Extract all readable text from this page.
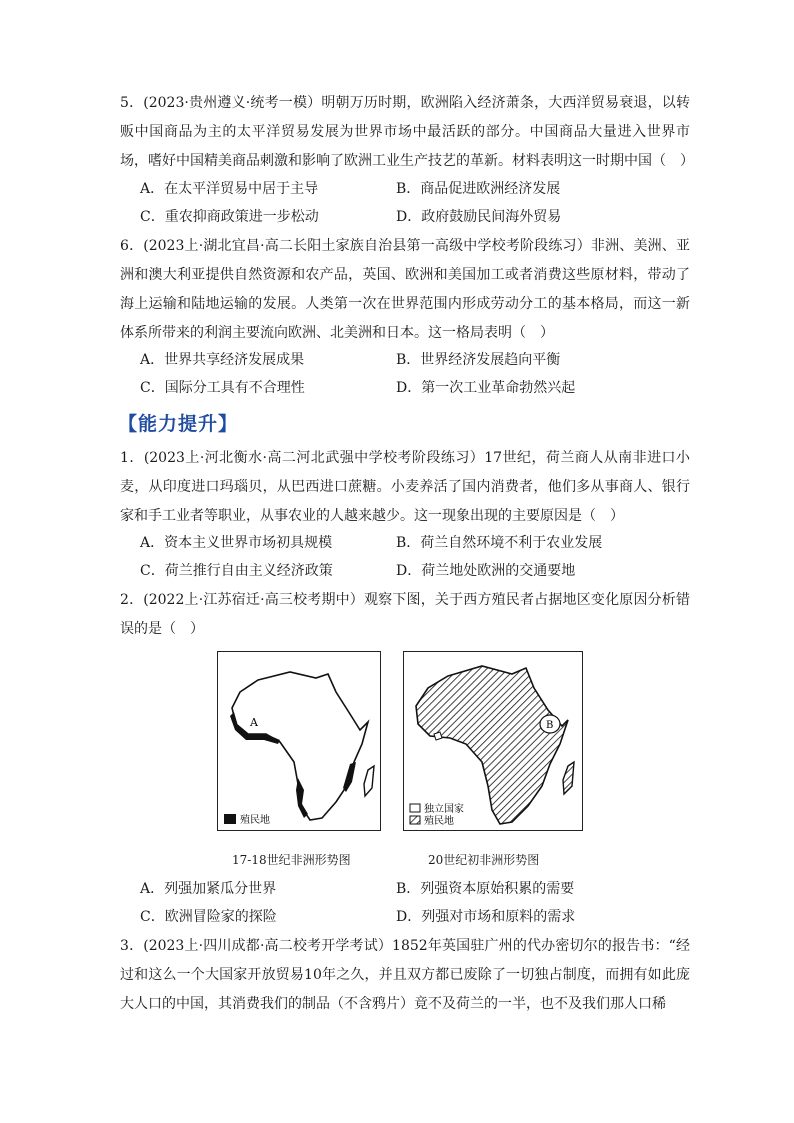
5．(2023·贵州遵义·统考一模）明朝万历时期，欧洲陷入经济萧条，大西洋贸易衰退，以转贩中国商品为主的太平洋贸易发展为世界市场中最活跃的部分。中国商品大量进入世界市场，嗜好中国精美商品刺激和影响了欧洲工业生产技艺的革新。材料表明这一时期中国（　）
A．在太平洋贸易中居于主导	B．商品促进欧洲经济发展
C．重农抑商政策进一步松动	D．政府鼓励民间海外贸易
6．(2023上·湖北宜昌·高二长阳土家族自治县第一高级中学校考阶段练习）非洲、美洲、亚洲和澳大利亚提供自然资源和农产品，英国、欧洲和美国加工或者消费这些原材料，带动了海上运输和陆地运输的发展。人类第一次在世界范围内形成劳动分工的基本格局，而这一新体系所带来的利润主要流向欧洲、北美洲和日本。这一格局表明（　）
A．世界共享经济发展成果	B．世界经济发展趋向平衡
C．国际分工具有不合理性	D．第一次工业革命勃然兴起
【能力提升】
1．(2023上·河北衡水·高二河北武强中学校考阶段练习）17世纪，荷兰商人从南非进口小麦，从印度进口玛瑙贝，从巴西进口蔗糖。小麦养活了国内消费者，他们多从事商人、银行家和手工业者等职业，从事农业的人越来越少。这一现象出现的主要原因是（　）
A．资本主义世界市场初具规模	B．荷兰自然环境不利于农业发展
C．荷兰推行自由主义经济政策	D．荷兰地处欧洲的交通要地
2．(2022上·江苏宿迁·高三校考期中）观察下图，关于西方殖民者占据地区变化原因分析错误的是（　）
A
殖民地
B
独立国家
殖民地
17-18世纪非洲形势图	20世纪初非洲形势图
A．列强加紧瓜分世界	B．列强资本原始积累的需要
C．欧洲冒险家的探险	D．列强对市场和原料的需求
3．(2023上·四川成都·高二校考开学考试）1852年英国驻广州的代办密切尔的报告书：“经过和这么一个大国家开放贸易10年之久，并且双方都已废除了一切独占制度，而拥有如此庞大人口的中国，其消费我们的制品（不含鸦片）竟不及荷兰的一半，也不及我们那人口稀
